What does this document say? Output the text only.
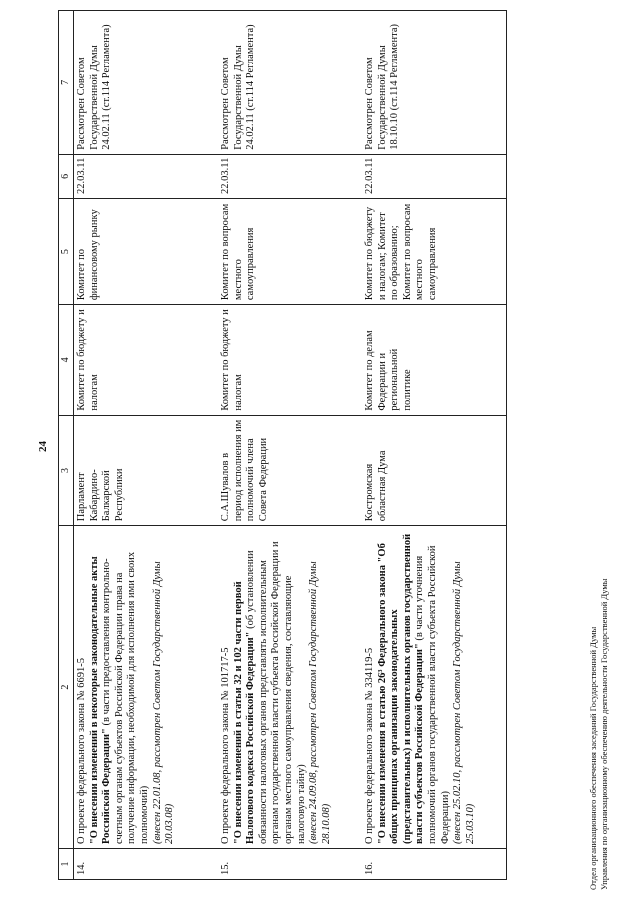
24
1	2	3	4	5	6	7
14.	О проекте федерального закона № 6691-5 "О внесении изменений в некоторые законодательные акты Российской Федерации" (в части предоставления контрольно-счетным органам субъектов Российской Федерации права на получение информации, необходимой для исполнения ими своих полномочий) (внесен 22.01.08, рассмотрен Советом Государственной Думы 20.03.08)	Парламент Кабардино-Балкарской Республики	Комитет по бюджету и налогам	Комитет по финансовому рынку	22.03.11	Рассмотрен Советом Государственной Думы 24.02.11 (ст.114 Регламента)
15.	О проекте федерального закона № 101717-5 "О внесении изменений в статьи 32 и 102 части первой Налогового кодекса Российской Федерации" (об установлении обязанности налоговых органов представлять исполнительным органам государственной власти субъекта Российской Федерации и органам местного самоуправления сведения, составляющие налоговую тайну) (внесен 24.09.08, рассмотрен Советом Государственной Думы 28.10.08)	С.А.Шувалов в период исполнения им полномочий члена Совета Федерации	Комитет по бюджету и налогам	Комитет по вопросам местного самоуправления	22.03.11	Рассмотрен Советом Государственной Думы 24.02.11 (ст.114 Регламента)
16.	О проекте федерального закона № 334119-5 "О внесении изменения в статью 26³ Федерального закона "Об общих принципах организации законодательных (представительных) и исполнительных органов государственной власти субъектов Российской Федерации" (в части уточнения полномочий органов государственной власти субъекта Российской Федерации) (внесен 25.02.10, рассмотрен Советом Государственной Думы 25.03.10)	Костромская областная Дума	Комитет по делам Федерации и региональной политике	Комитет по бюджету и налогам; Комитет по образованию; Комитет по вопросам местного самоуправления	22.03.11	Рассмотрен Советом Государственной Думы 18.10.10 (ст.114 Регламента)
Отдел организационного обеспечения заседаний Государственной Думы Управления по организационному обеспечению деятельности Государственной Думы
